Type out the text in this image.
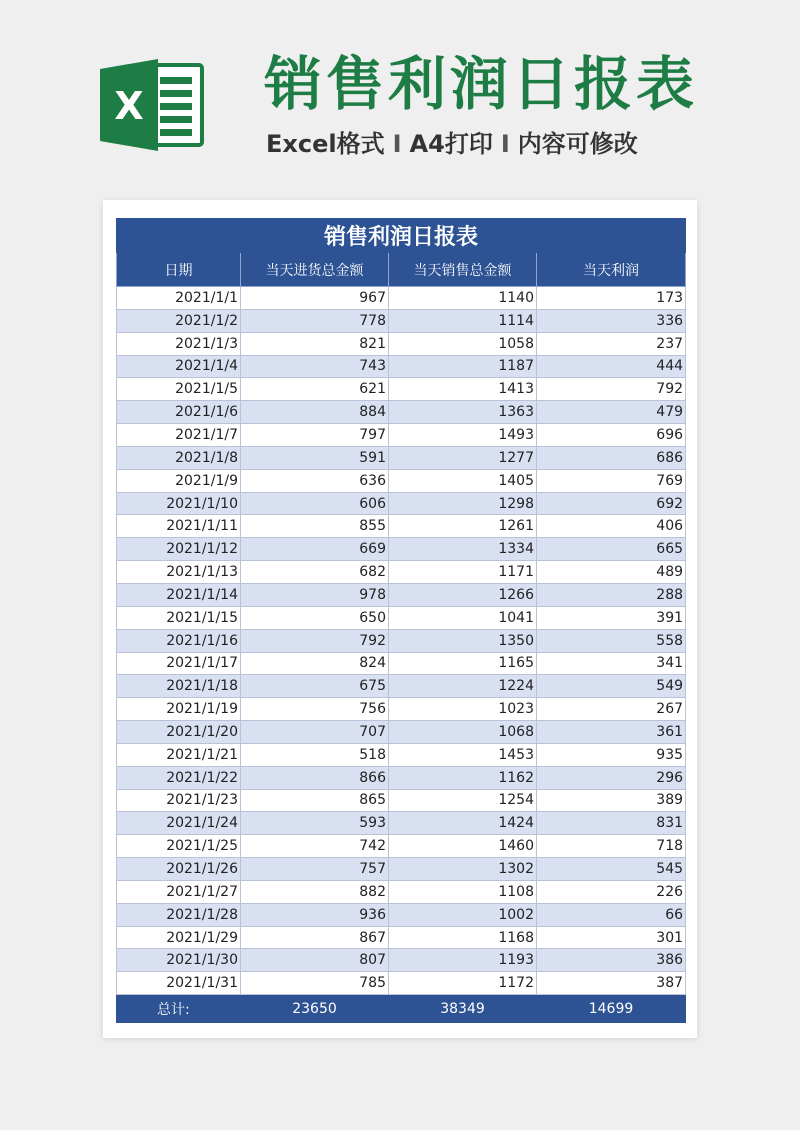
X 销售利润日报表
Excel格式 I A4打印 I 内容可修改
销售利润日报表			
日期	当天进货总金额	当天销售总金额	当天利润
2021/1/1	967	1140	173
2021/1/2	778	1114	336
2021/1/3	821	1058	237
2021/1/4	743	1187	444
2021/1/5	621	1413	792
2021/1/6	884	1363	479
2021/1/7	797	1493	696
2021/1/8	591	1277	686
2021/1/9	636	1405	769
2021/1/10	606	1298	692
2021/1/11	855	1261	406
2021/1/12	669	1334	665
2021/1/13	682	1171	489
2021/1/14	978	1266	288
2021/1/15	650	1041	391
2021/1/16	792	1350	558
2021/1/17	824	1165	341
2021/1/18	675	1224	549
2021/1/19	756	1023	267
2021/1/20	707	1068	361
2021/1/21	518	1453	935
2021/1/22	866	1162	296
2021/1/23	865	1254	389
2021/1/24	593	1424	831
2021/1/25	742	1460	718
2021/1/26	757	1302	545
2021/1/27	882	1108	226
2021/1/28	936	1002	66
2021/1/29	867	1168	301
2021/1/30	807	1193	386
2021/1/31	785	1172	387
总计:	23650	38349	14699
